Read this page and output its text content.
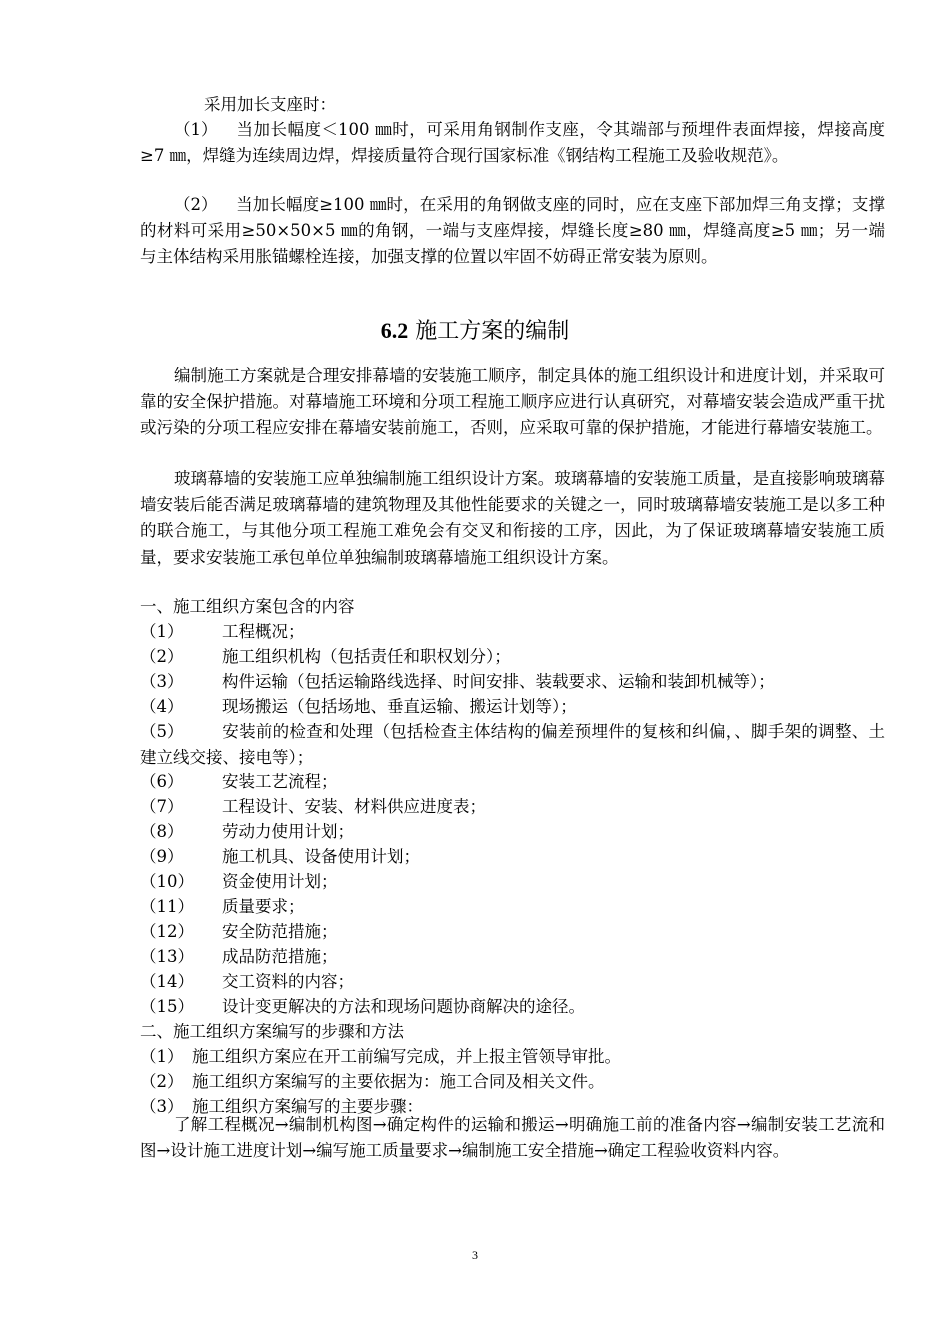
采用加长支座时：
（1） 当加长幅度＜100 ㎜时，可采用角钢制作支座，令其端部与预埋件表面焊接，焊接高度≥7 ㎜，焊缝为连续周边焊，焊接质量符合现行国家标准《钢结构工程施工及验收规范》。
（2） 当加长幅度≥100 ㎜时，在采用的角钢做支座的同时，应在支座下部加焊三角支撑；支撑的材料可采用≥50×50×5 ㎜的角钢，一端与支座焊接，焊缝长度≥80 ㎜，焊缝高度≥5 ㎜；另一端与主体结构采用胀锚螺栓连接，加强支撑的位置以牢固不妨碍正常安装为原则。
6.2 施工方案的编制
编制施工方案就是合理安排幕墙的安装施工顺序，制定具体的施工组织设计和进度计划，并采取可靠的安全保护措施。对幕墙施工环境和分项工程施工顺序应进行认真研究，对幕墙安装会造成严重干扰或污染的分项工程应安排在幕墙安装前施工，否则，应采取可靠的保护措施，才能进行幕墙安装施工。
玻璃幕墙的安装施工应单独编制施工组织设计方案。玻璃幕墙的安装施工质量，是直接影响玻璃幕墙安装后能否满足玻璃幕墙的建筑物理及其他性能要求的关键之一，同时玻璃幕墙安装施工是以多工种的联合施工，与其他分项工程施工难免会有交叉和衔接的工序，因此，为了保证玻璃幕墙安装施工质量，要求安装施工承包单位单独编制玻璃幕墙施工组织设计方案。
一、施工组织方案包含的内容
（1） 工程概况；
（2） 施工组织机构（包括责任和职权划分）；
（3） 构件运输（包括运输路线选择、时间安排、装载要求、运输和装卸机械等）；
（4） 现场搬运（包括场地、垂直运输、搬运计划等）；
（5） 安装前的检查和处理（包括检查主体结构的偏差预埋件的复核和纠偏，、脚手架的调整、土建立线交接、接电等）；
（6） 安装工艺流程；
（7） 工程设计、安装、材料供应进度表；
（8） 劳动力使用计划；
（9） 施工机具、设备使用计划；
（10） 资金使用计划；
（11） 质量要求；
（12） 安全防范措施；
（13） 成品防范措施；
（14） 交工资料的内容；
（15） 设计变更解决的方法和现场问题协商解决的途径。
二、施工组织方案编写的步骤和方法
（1） 施工组织方案应在开工前编写完成，并上报主管领导审批。
（2） 施工组织方案编写的主要依据为：施工合同及相关文件。
（3） 施工组织方案编写的主要步骤：
了解工程概况→编制机构图→确定构件的运输和搬运→明确施工前的准备内容→编制安装工艺流和图→设计施工进度计划→编写施工质量要求→编制施工安全措施→确定工程验收资料内容。
3
